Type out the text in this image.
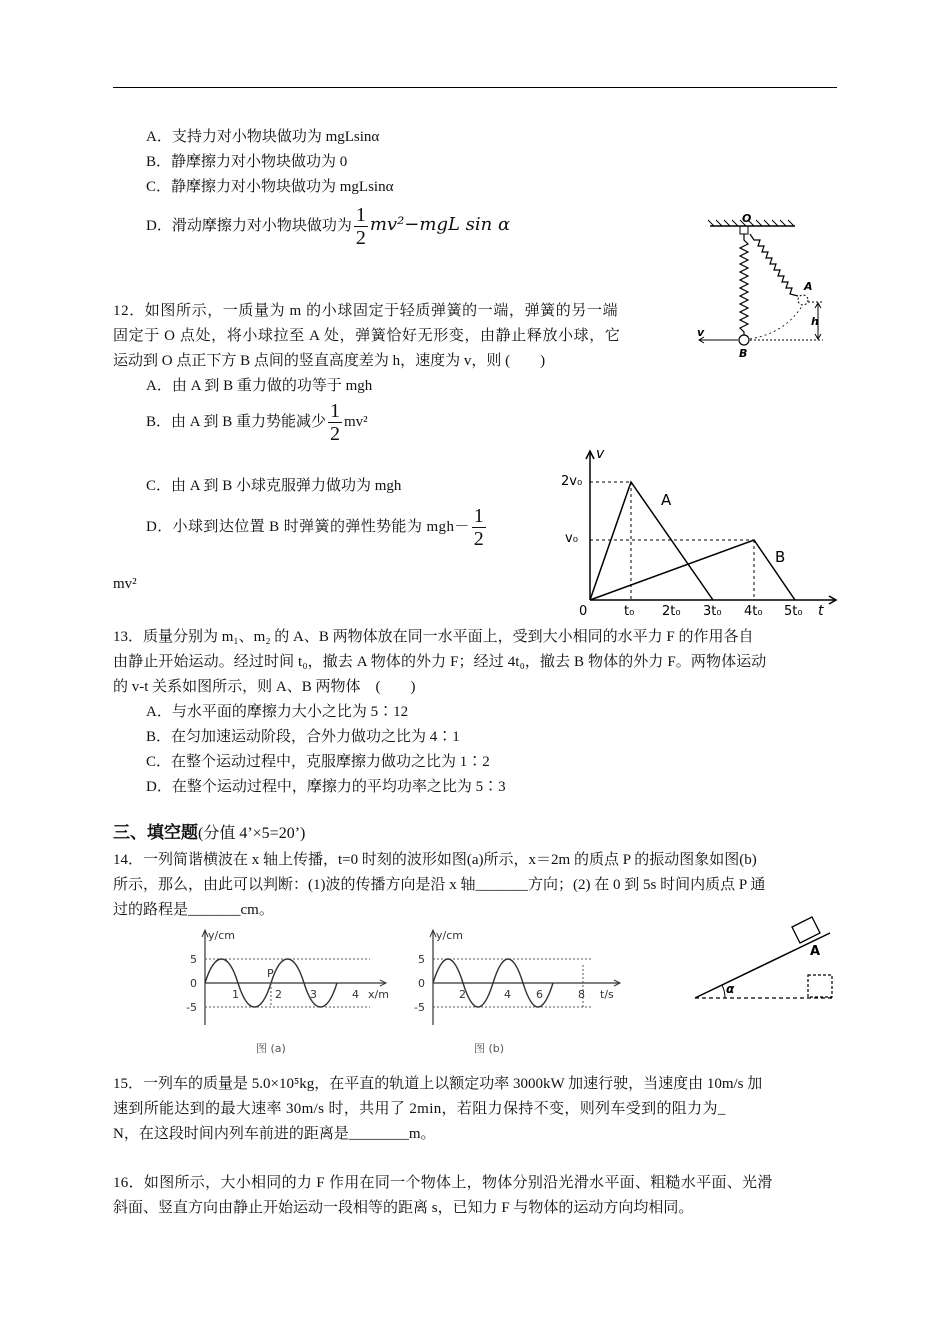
A．支持力对小物块做功为 mgLsinα
B．静摩擦力对小物块做功为 0
C．静摩擦力对小物块做功为 mgLsinα
D．滑动摩擦力对小物块做功为 $\frac{1}{2} mv^2-mgL$ sin α
12．如图所示，一质量为 m 的小球固定于轻质弹簧的一端，弹簧的另一端
固定于 O 点处，将小球拉至 A 处，弹簧恰好无形变，由静止释放小球，它
运动到 O 点正下方 B 点间的竖直高度差为 h，速度为 v，则 (　　)
A．由 A 到 B 重力做的功等于 mgh
B．由 A 到 B 重力势能减少 $\frac{1}{2} mv^2$
C．由 A 到 B 小球克服弹力做功为 mgh
D．小球到达位置 B 时弹簧的弹性势能为 $mgh- \frac{1}{2}$
mv²
O
A
h
v
B
v
t
2v₀
v₀
0	t₀ 2t₀ 3t₀ 4t₀ 5t₀
A
B
13．质量分别为 m₁、m₂ 的 A、B 两物体放在同一水平面上，受到大小相同的水平力 F 的作用各自
由静止开始运动。经过时间 t₀，撤去 A 物体的外力 F；经过 4t₀，撤去 B 物体的外力 F。两物体运动
的 v-t 关系如图所示，则 A、B 两物体　(　　)
A．与水平面的摩擦力大小之比为 5∶12
B．在匀加速运动阶段，合外力做功之比为 4∶1
C．在整个运动过程中，克服摩擦力做功之比为 1∶2
D．在整个运动过程中，摩擦力的平均功率之比为 5∶3
三、填空题(分值 4’×5=20’)
14．一列简谐横波在 x 轴上传播，t=0 时刻的波形如图(a)所示，x＝2m 的质点 P 的振动图象如图(b)
所示，那么，由此可以判断：(1)波的传播方向是沿 x 轴_______方向；(2) 在 0 到 5s 时间内质点 P 通
过的路程是_______cm。
y/cm
x/m
5
0
-5
1	2	3	4
P
图 (a)
y/cm
t/s
5
0
-5
2	4 6	8
图 (b)
α
A
15．一列车的质量是 5.0×10⁵kg，在平直的轨道上以额定功率 3000kW 加速行驶，当速度由 10m/s 加
速到所能达到的最大速率 30m/s 时，共用了 2min，若阻力保持不变，则列车受到的阻力为_
N，在这段时间内列车前进的距离是________m。
16．如图所示，大小相同的力 F 作用在同一个物体上，物体分别沿光滑水平面、粗糙水平面、光滑
斜面、竖直方向由静止开始运动一段相等的距离 s，已知力 F 与物体的运动方向均相同。
